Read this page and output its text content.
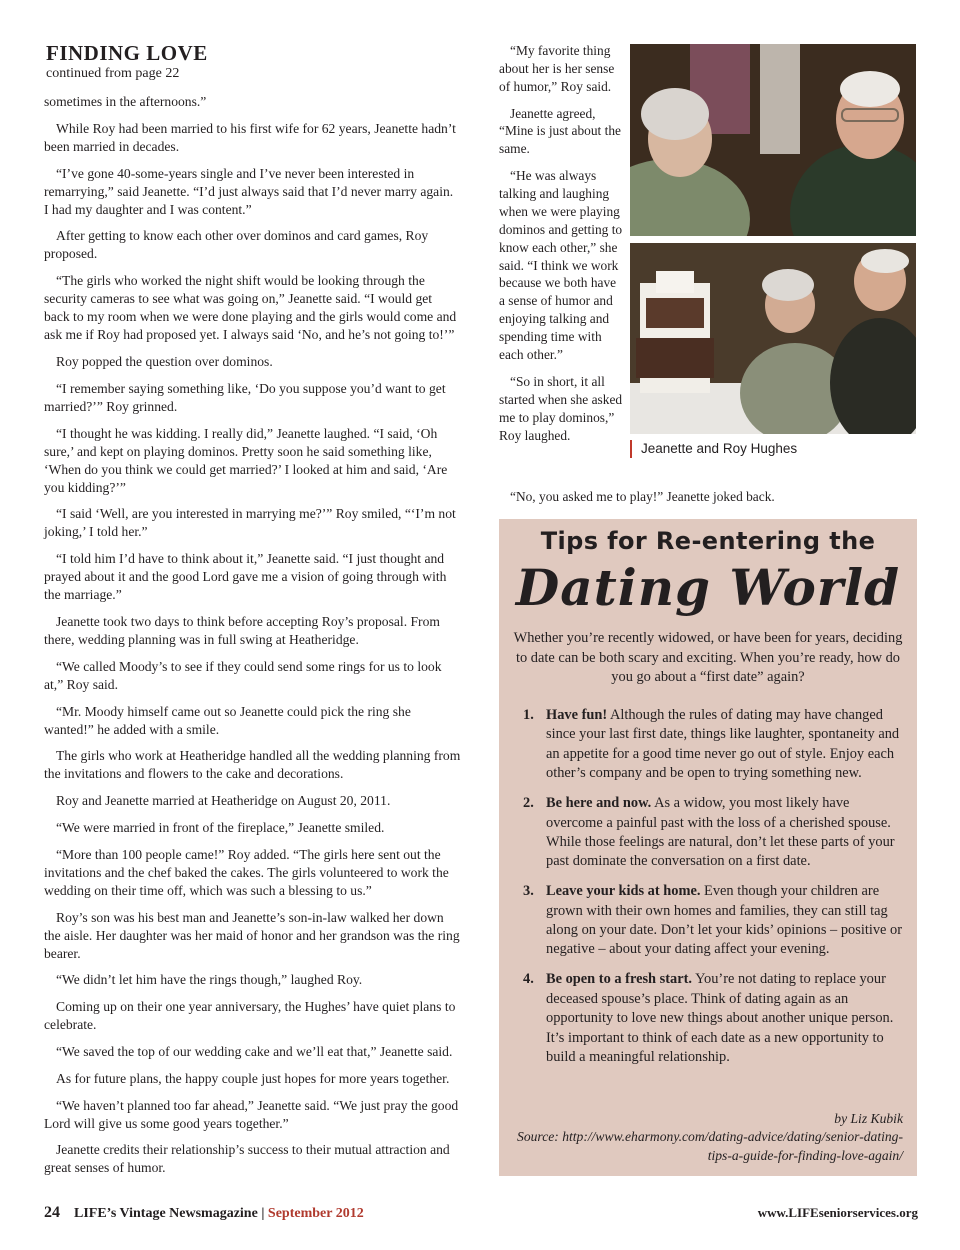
FINDING LOVE

continued from page 22

sometimes in the afternoons.”

While Roy had been married to his first wife for 62 years, Jeanette hadn’t been married in decades.

“I’ve gone 40-some-years single and I’ve never been interested in remarrying,” said Jeanette. “I’d just always said that I’d never marry again. I had my daughter and I was content.”

After getting to know each other over dominos and card games, Roy proposed.

“The girls who worked the night shift would be looking through the security cameras to see what was going on,” Jeanette said. “I would get back to my room when we were done playing and the girls would come and ask me if Roy had proposed yet. I always said ‘No, and he’s not going to!’”

Roy popped the question over dominos.

“I remember saying something like, ‘Do you suppose you’d want to get married?’” Roy grinned.

“I thought he was kidding. I really did,” Jeanette laughed. “I said, ‘Oh sure,’ and kept on playing dominos. Pretty soon he said something like, ‘When do you think we could get married?’ I looked at him and said, ‘Are you kidding?’”

“I said ‘Well, are you interested in marrying me?’” Roy smiled, “‘I’m not joking,’ I told her.”

“I told him I’d have to think about it,” Jeanette said. “I just thought and prayed about it and the good Lord gave me a vision of going through with the marriage.”

Jeanette took two days to think before accepting Roy’s proposal. From there, wedding planning was in full swing at Heatheridge.

“We called Moody’s to see if they could send some rings for us to look at,” Roy said.

“Mr. Moody himself came out so Jeanette could pick the ring she wanted!” he added with a smile.

The girls who work at Heatheridge handled all the wedding planning from the invitations and flowers to the cake and decorations.

Roy and Jeanette married at Heatheridge on August 20, 2011.

“We were married in front of the fireplace,” Jeanette smiled.

“More than 100 people came!” Roy added. “The girls here sent out the invitations and the chef baked the cakes. The girls volunteered to work the wedding on their time off, which was such a blessing to us.”

Roy’s son was his best man and Jeanette’s son-in-law walked her down the aisle. Her daughter was her maid of honor and her grandson was the ring bearer.

“We didn’t let him have the rings though,” laughed Roy.

Coming up on their one year anniversary, the Hughes’ have quiet plans to celebrate.

“We saved the top of our wedding cake and we’ll eat that,” Jeanette said.

As for future plans, the happy couple just hopes for more years together.

“We haven’t planned too far ahead,” Jeanette said. “We just pray the good Lord will give us some good years together.”

Jeanette credits their relationship’s success to their mutual attraction and great senses of humor.

“My favorite thing about her is her sense of humor,” Roy said.

Jeanette agreed, “Mine is just about the same.

“He was always talking and laughing when we were playing dominos and getting to know each other,” she said. “I think we work because we both have a sense of humor and enjoying talking and spending time with each other.”

“So in short, it all started when she asked me to play dominos,” Roy laughed.

Jeanette and Roy Hughes

“No, you asked me to play!” Jeanette joked back.

Tips for Re-entering the
Dating World

Whether you’re recently widowed, or have been for years, deciding to date can be both scary and exciting. When you’re ready, how do you go about a “first date” again?

1. Have fun! Although the rules of dating may have changed since your last first date, things like laughter, spontaneity and an appetite for a good time never go out of style. Enjoy each other’s company and be open to trying something new.
2. Be here and now. As a widow, you most likely have overcome a painful past with the loss of a cherished spouse. While those feelings are natural, don’t let these parts of your past dominate the conversation on a first date.
3. Leave your kids at home. Even though your children are grown with their own homes and families, they can still tag along on your date. Don’t let your kids’ opinions – positive or negative – about your dating affect your evening.
4. Be open to a fresh start. You’re not dating to replace your deceased spouse’s place. Think of dating again as an opportunity to love new things about another unique person. It’s important to think of each date as a new opportunity to build a meaningful relationship.

by Liz Kubik

Source: http://www.eharmony.com/dating-advice/dating/senior-dating-tips-a-guide-for-finding-love-again/

24 LIFE’s Vintage Newsmagazine | September 2012	www.LIFEseniorservices.org
